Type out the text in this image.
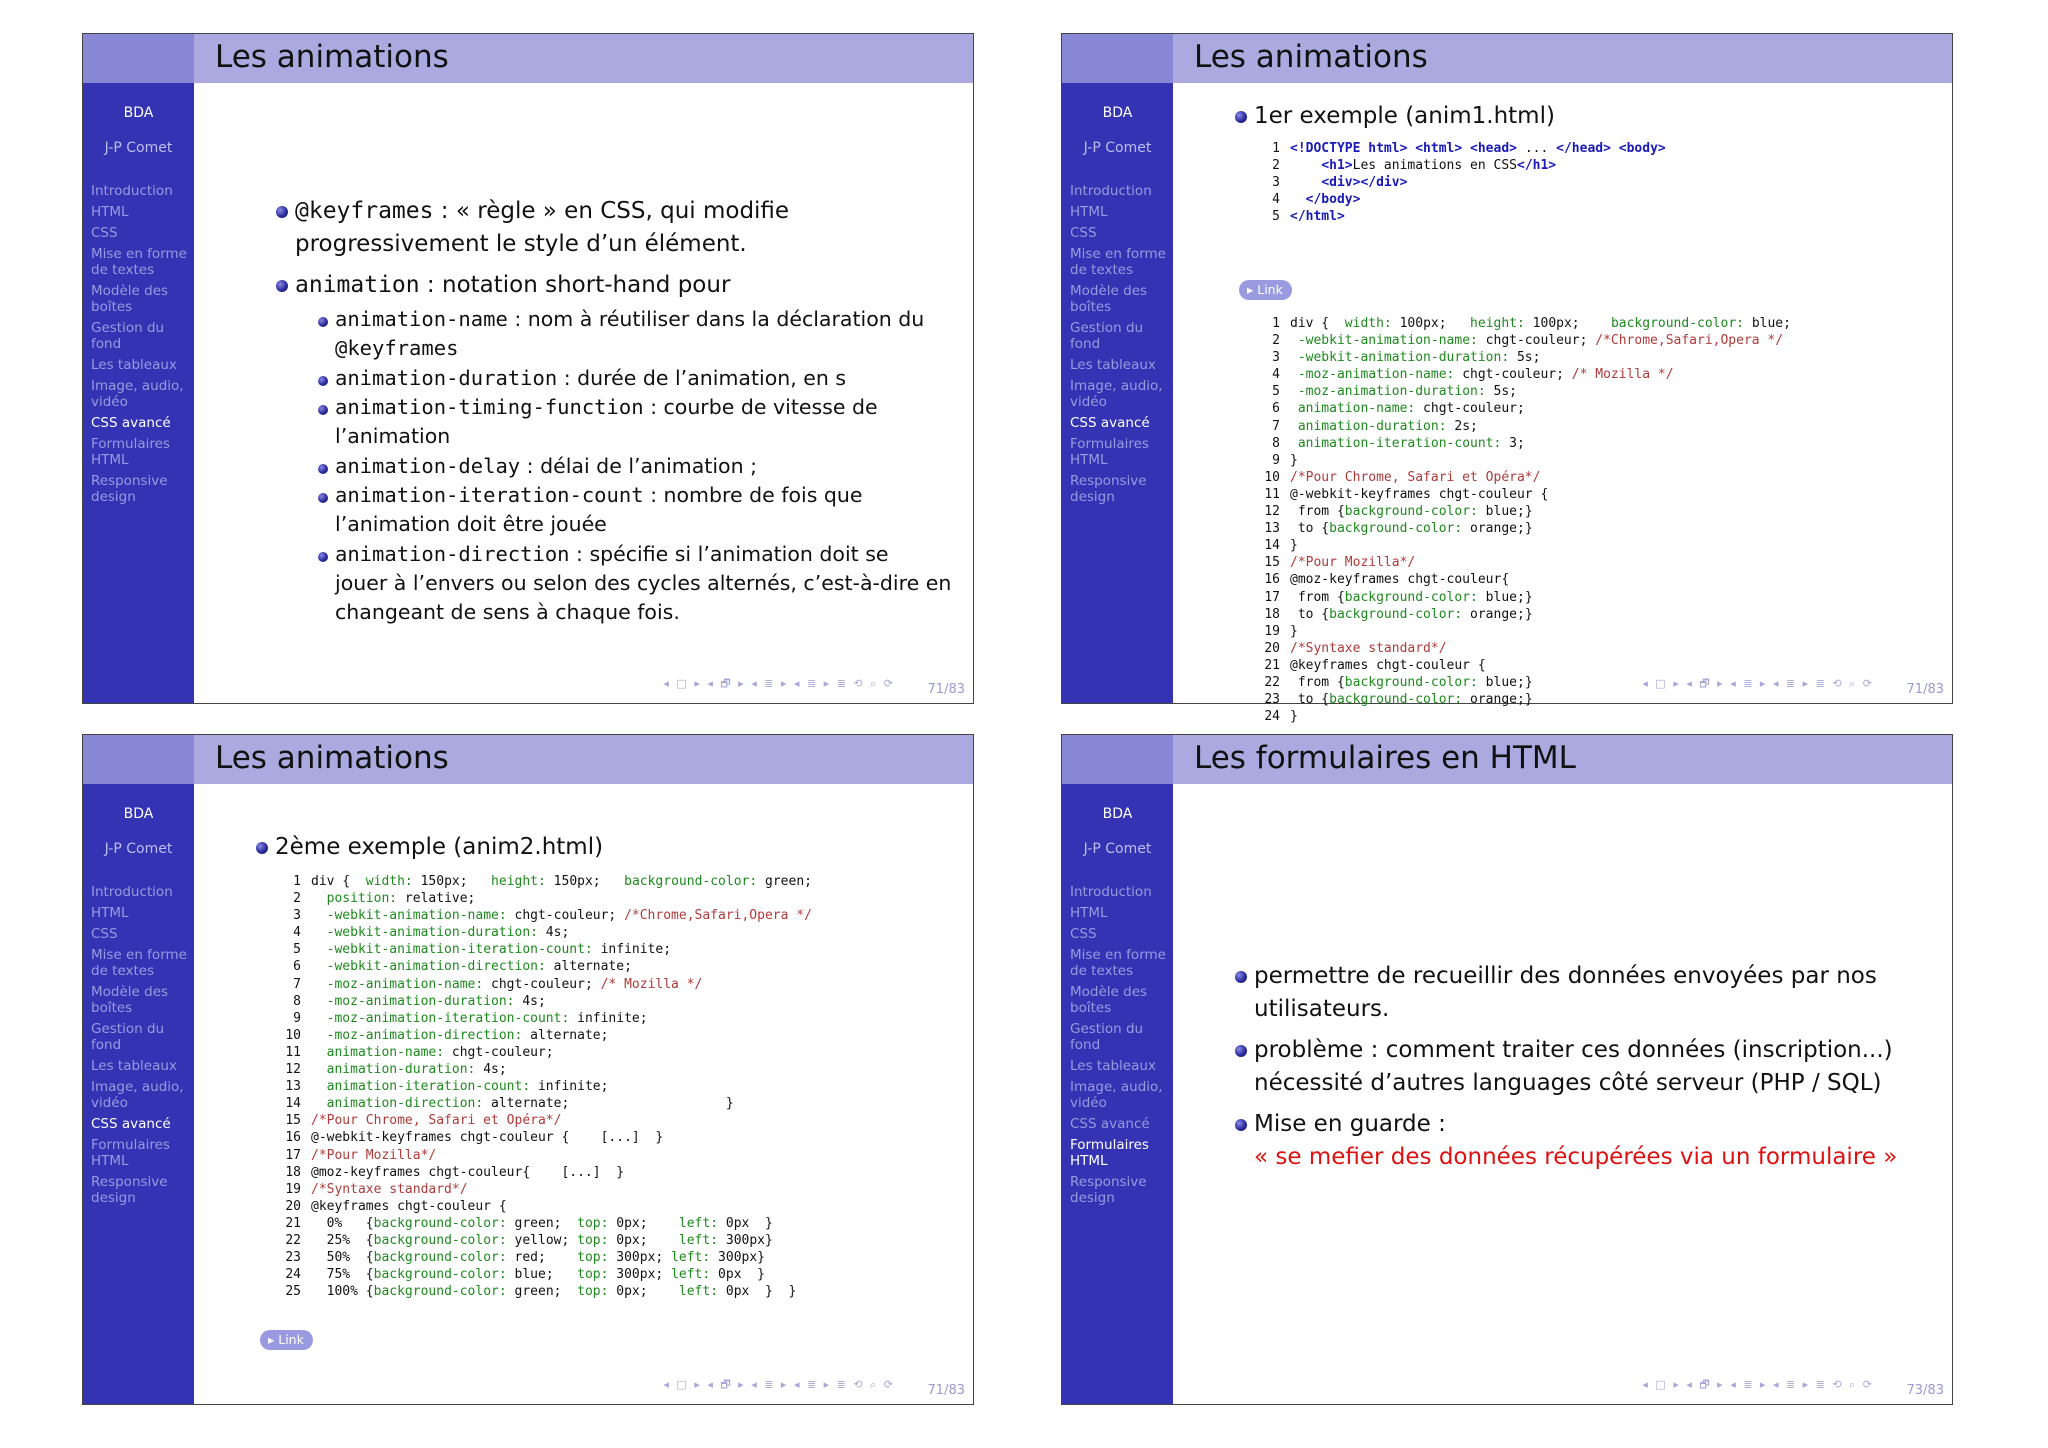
BDA
J-P Comet
Introduction
HTML
CSS
Mise en forme de textes
Modèle des boîtes
Gestion du fond
Les tableaux
Image, audio, vidéo
CSS avancé
Formulaires HTML
Responsive design
Les animations
@keyframes : « règle » en CSS, qui modifie
progressivement le style d’un élément.
animation : notation short-hand pour
animation-name : nom à réutiliser dans la déclaration du
@keyframes
animation-duration : durée de l’animation, en s
animation-timing-function : courbe de vitesse de
l’animation
animation-delay : délai de l’animation ;
animation-iteration-count : nombre de fois que
l’animation doit être jouée
animation-direction : spécifie si l’animation doit se
jouer à l’envers ou selon des cycles alternés, c’est-à-dire en
changeant de sens à chaque fois.
◂ □ ▸ ◂ 🗗 ▸ ◂ ≣ ▸ ◂ ≣ ▸ ≣ ⟲ ⌕ ⟳	71/83
BDA
J-P Comet
Introduction
HTML
CSS
Mise en forme de textes
Modèle des boîtes
Gestion du fond
Les tableaux
Image, audio, vidéo
CSS avancé
Formulaires HTML
Responsive design
Les animations
1er exemple (anim1.html)
1 <!DOCTYPE html> <html> <head> ... </head> <body>
2	<h1>Les animations en CSS</h1>
3	<div></div>
4 </body>
5 </html>
▸ Link
1 div {  width: 100px;   height: 100px;    background-color: blue;
2 -webkit-animation-name: chgt-couleur; /*Chrome,Safari,Opera */
3 -webkit-animation-duration: 5s;
4 -moz-animation-name: chgt-couleur; /* Mozilla */
5 -moz-animation-duration: 5s;
6 animation-name: chgt-couleur;
7 animation-duration: 2s;
8 animation-iteration-count: 3;
9 }
10 /*Pour Chrome, Safari et Opéra*/
11 @-webkit-keyframes chgt-couleur {
12 from {background-color: blue;}
13 to {background-color: orange;}
14 }
15 /*Pour Mozilla*/
16 @moz-keyframes chgt-couleur{
17 from {background-color: blue;}
18 to {background-color: orange;}
19 }
20 /*Syntaxe standard*/
21 @keyframes chgt-couleur {
22 from {background-color: blue;}
23 to {background-color: orange;}
24 }
◂ □ ▸ ◂ 🗗 ▸ ◂ ≣ ▸ ◂ ≣ ▸ ≣ ⟲ ⌕ ⟳	71/83
BDA
J-P Comet
Introduction
HTML
CSS
Mise en forme de textes
Modèle des boîtes
Gestion du fond
Les tableaux
Image, audio, vidéo
CSS avancé
Formulaires HTML
Responsive design
Les animations
2ème exemple (anim2.html)
1 div {  width: 150px;   height: 150px;   background-color: green;
2 position: relative;
3 -webkit-animation-name: chgt-couleur; /*Chrome,Safari,Opera */
4 -webkit-animation-duration: 4s;
5 -webkit-animation-iteration-count: infinite;
6 -webkit-animation-direction: alternate;
7 -moz-animation-name: chgt-couleur; /* Mozilla */
8 -moz-animation-duration: 4s;
9 -moz-animation-iteration-count: infinite;
10 -moz-animation-direction: alternate;
11 animation-name: chgt-couleur;
12 animation-duration: 4s;
13 animation-iteration-count: infinite;
14 animation-direction: alternate;                    }
15 /*Pour Chrome, Safari et Opéra*/
16 @-webkit-keyframes chgt-couleur {    [...]  }
17 /*Pour Mozilla*/
18 @moz-keyframes chgt-couleur{    [...]  }
19 /*Syntaxe standard*/
20 @keyframes chgt-couleur {
21  0%   {background-color: green;  top: 0px;    left: 0px  }
22  25%  {background-color: yellow; top: 0px;    left: 300px}
23  50%  {background-color: red;    top: 300px; left: 300px}
24  75%  {background-color: blue;   top: 300px; left: 0px  }
25  100% {background-color: green;  top: 0px;    left: 0px  }  }
▸ Link
◂ □ ▸ ◂ 🗗 ▸ ◂ ≣ ▸ ◂ ≣ ▸ ≣ ⟲ ⌕ ⟳	71/83
BDA
J-P Comet
Introduction
HTML
CSS
Mise en forme de textes
Modèle des boîtes
Gestion du fond
Les tableaux
Image, audio, vidéo
CSS avancé
Formulaires HTML
Responsive design
Les formulaires en HTML
permettre de recueillir des données envoyées par nos
utilisateurs.
problème : comment traiter ces données (inscription...)
nécessité d’autres languages côté serveur (PHP / SQL)
Mise en guarde :
« se mefier des données récupérées via un formulaire »
◂ □ ▸ ◂ 🗗 ▸ ◂ ≣ ▸ ◂ ≣ ▸ ≣ ⟲ ⌕ ⟳	73/83
